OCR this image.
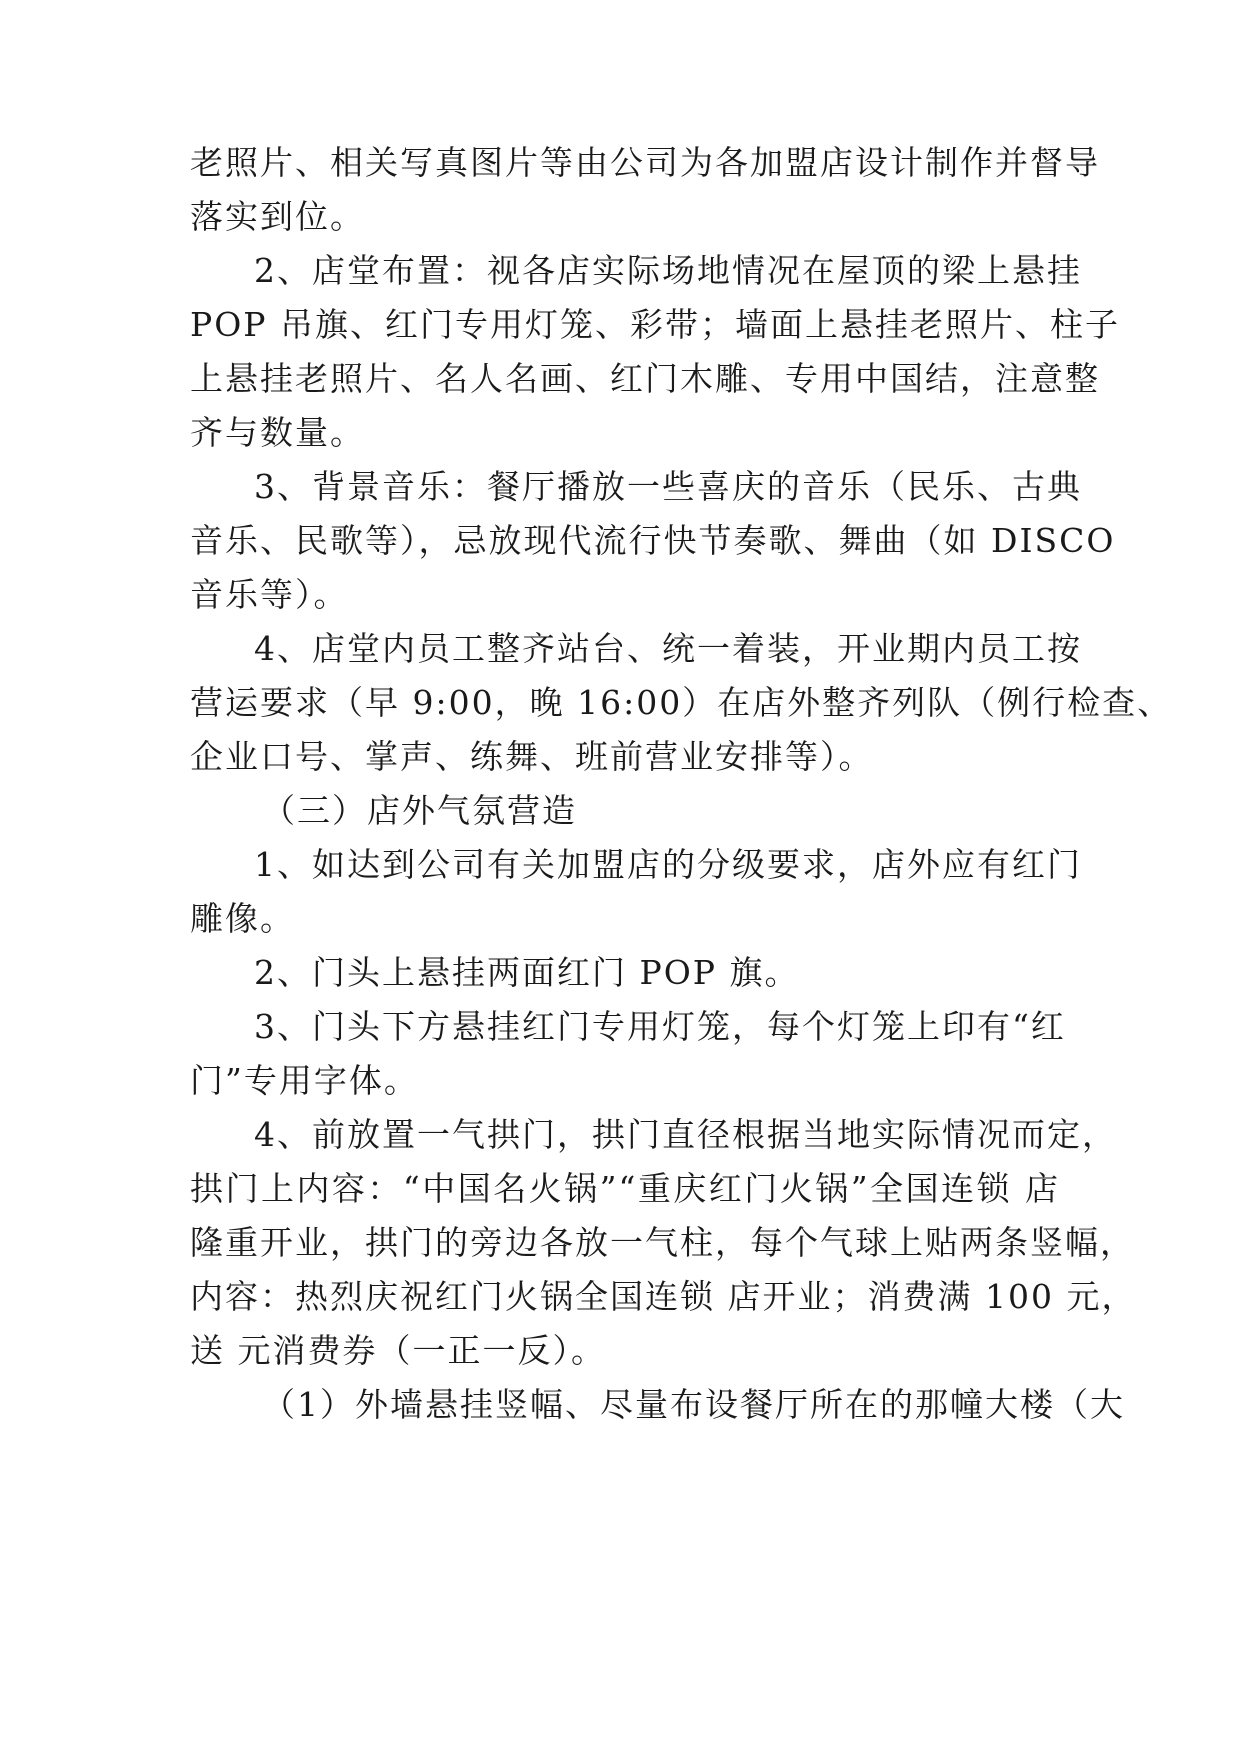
老照片、相关写真图片等由公司为各加盟店设计制作并督导
落实到位。
2、店堂布置：视各店实际场地情况在屋顶的梁上悬挂
POP 吊旗、红门专用灯笼、彩带；墙面上悬挂老照片、柱子
上悬挂老照片、名人名画、红门木雕、专用中国结，注意整
齐与数量。
3、背景音乐：餐厅播放一些喜庆的音乐（民乐、古典
音乐、民歌等），忌放现代流行快节奏歌、舞曲（如 DISCO
音乐等）。
4、店堂内员工整齐站台、统一着装，开业期内员工按
营运要求（早 9:00，晚 16:00）在店外整齐列队（例行检查、
企业口号、掌声、练舞、班前营业安排等）。
（三）店外气氛营造
1、如达到公司有关加盟店的分级要求，店外应有红门
雕像。
2、门头上悬挂两面红门 POP 旗。
3、门头下方悬挂红门专用灯笼，每个灯笼上印有“红
门”专用字体。
4、前放置一气拱门，拱门直径根据当地实际情况而定，
拱门上内容：“中国名火锅”“重庆红门火锅”全国连锁 店
隆重开业，拱门的旁边各放一气柱，每个气球上贴两条竖幅，
内容：热烈庆祝红门火锅全国连锁 店开业；消费满 100 元，
送 元消费券（一正一反）。
（1）外墙悬挂竖幅、尽量布设餐厅所在的那幢大楼（大
